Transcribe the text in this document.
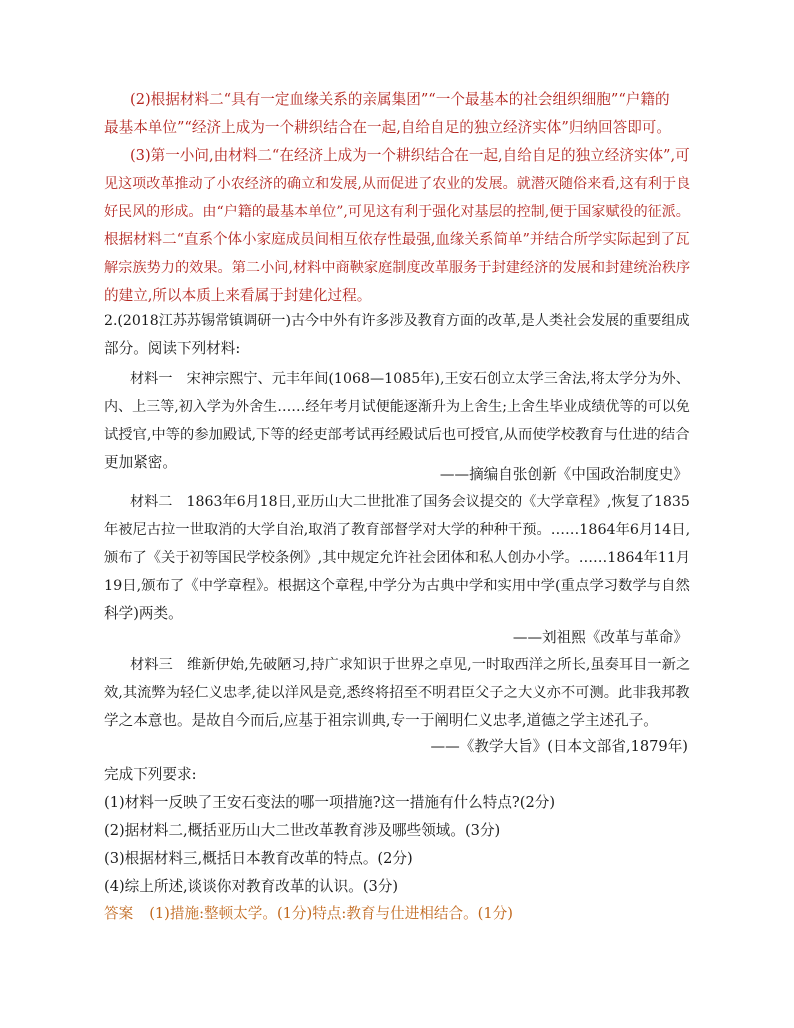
(2)根据材料二“具有一定血缘关系的亲属集团”“一个最基本的社会组织细胞”“户籍的
最基本单位”“经济上成为一个耕织结合在一起,自给自足的独立经济实体”归纳回答即可。
(3)第一小问,由材料二“在经济上成为一个耕织结合在一起,自给自足的独立经济实体”,可
见这项改革推动了小农经济的确立和发展,从而促进了农业的发展。就潜灭随俗来看,这有利于良
好民风的形成。由“户籍的最基本单位”,可见这有利于强化对基层的控制,便于国家赋役的征派。
根据材料二“直系个体小家庭成员间相互依存性最强,血缘关系简单”并结合所学实际起到了瓦
解宗族势力的效果。第二小问,材料中商鞅家庭制度改革服务于封建经济的发展和封建统治秩序
的建立,所以本质上来看属于封建化过程。
2.(2018江苏苏锡常镇调研一)古今中外有许多涉及教育方面的改革,是人类社会发展的重要组成
部分。阅读下列材料:
材料一　宋神宗熙宁、元丰年间(1068—1085年),王安石创立太学三舍法,将太学分为外、
内、上三等,初入学为外舍生……经年考月试便能逐渐升为上舍生;上舍生毕业成绩优等的可以免
试授官,中等的参加殿试,下等的经吏部考试再经殿试后也可授官,从而使学校教育与仕进的结合
更加紧密。
——摘编自张创新《中国政治制度史》
材料二　1863年6月18日,亚历山大二世批准了国务会议提交的《大学章程》,恢复了1835
年被尼古拉一世取消的大学自治,取消了教育部督学对大学的种种干预。……1864年6月14日,
颁布了《关于初等国民学校条例》,其中规定允许社会团体和私人创办小学。……1864年11月
19日,颁布了《中学章程》。根据这个章程,中学分为古典中学和实用中学(重点学习数学与自然
科学)两类。
——刘祖熙《改革与革命》
材料三　维新伊始,先破陋习,持广求知识于世界之卓见,一时取西洋之所长,虽奏耳目一新之
效,其流弊为轻仁义忠孝,徒以洋风是竞,悉终将招至不明君臣父子之大义亦不可测。此非我邦教
学之本意也。是故自今而后,应基于祖宗训典,专一于阐明仁义忠孝,道德之学主述孔子。
——《教学大旨》(日本文部省,1879年)
完成下列要求:
(1)材料一反映了王安石变法的哪一项措施?这一措施有什么特点?(2分)
(2)据材料二,概括亚历山大二世改革教育涉及哪些领域。(3分)
(3)根据材料三,概括日本教育改革的特点。(2分)
(4)综上所述,谈谈你对教育改革的认识。(3分)
答案 (1)措施:整顿太学。(1分)特点:教育与仕进相结合。(1分)
